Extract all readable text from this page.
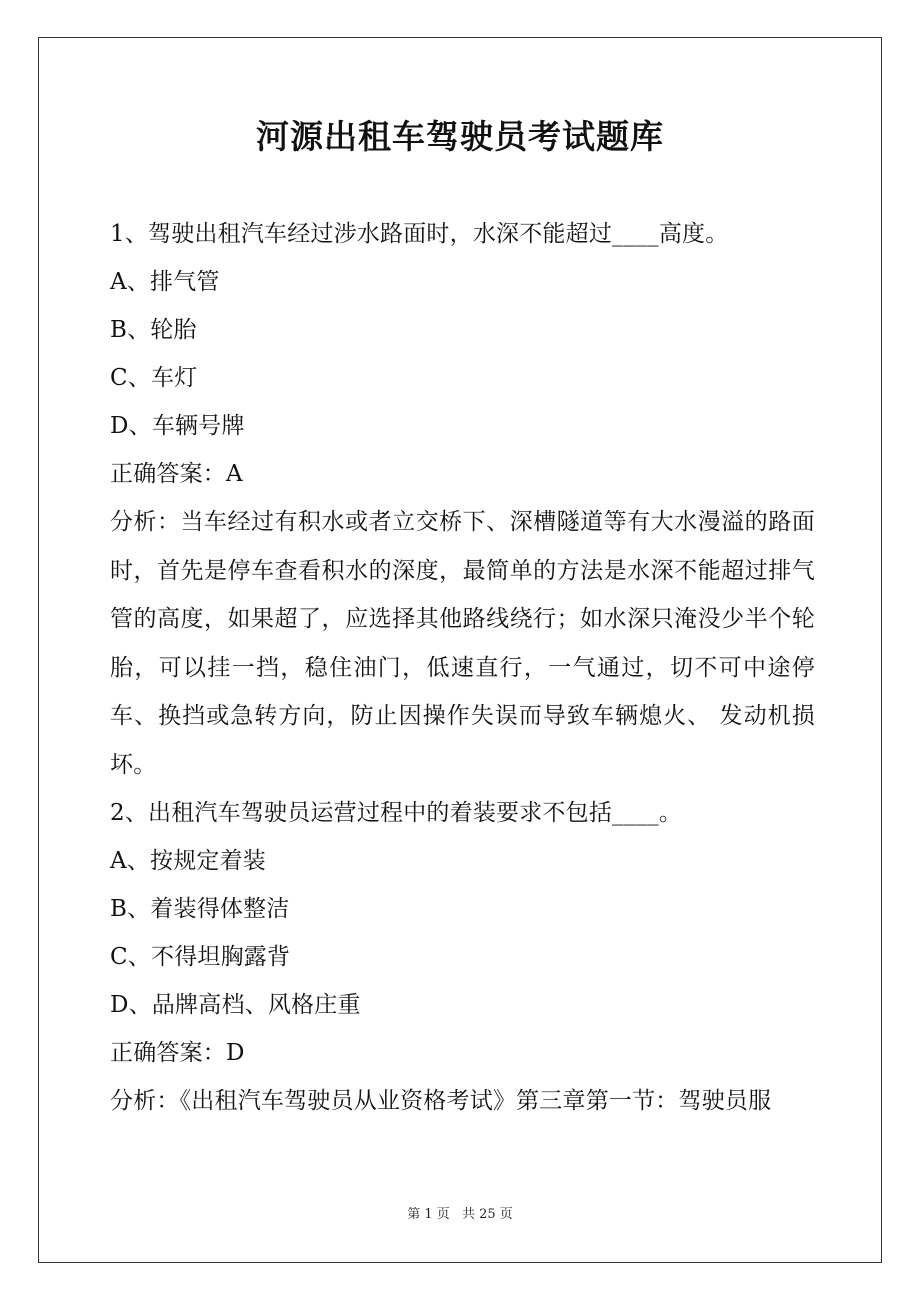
河源出租车驾驶员考试题库
1、驾驶出租汽车经过涉水路面时，水深不能超过____高度。
A、排气管
B、轮胎
C、车灯
D、车辆号牌
正确答案：A
分析：当车经过有积水或者立交桥下、深槽隧道等有大水漫溢的路面时，首先是停车查看积水的深度，最简单的方法是水深不能超过排气管的高度，如果超了，应选择其他路线绕行；如水深只淹没少半个轮胎，可以挂一挡，稳住油门，低速直行，一气通过，切不可中途停车、换挡或急转方向，防止因操作失误而导致车辆熄火、 发动机损坏。
2、出租汽车驾驶员运营过程中的着装要求不包括____。
A、按规定着装
B、着装得体整洁
C、不得坦胸露背
D、品牌高档、风格庄重
正确答案：D
分析：《出租汽车驾驶员从业资格考试》第三章第一节：驾驶员服
第 1 页 共 25 页
